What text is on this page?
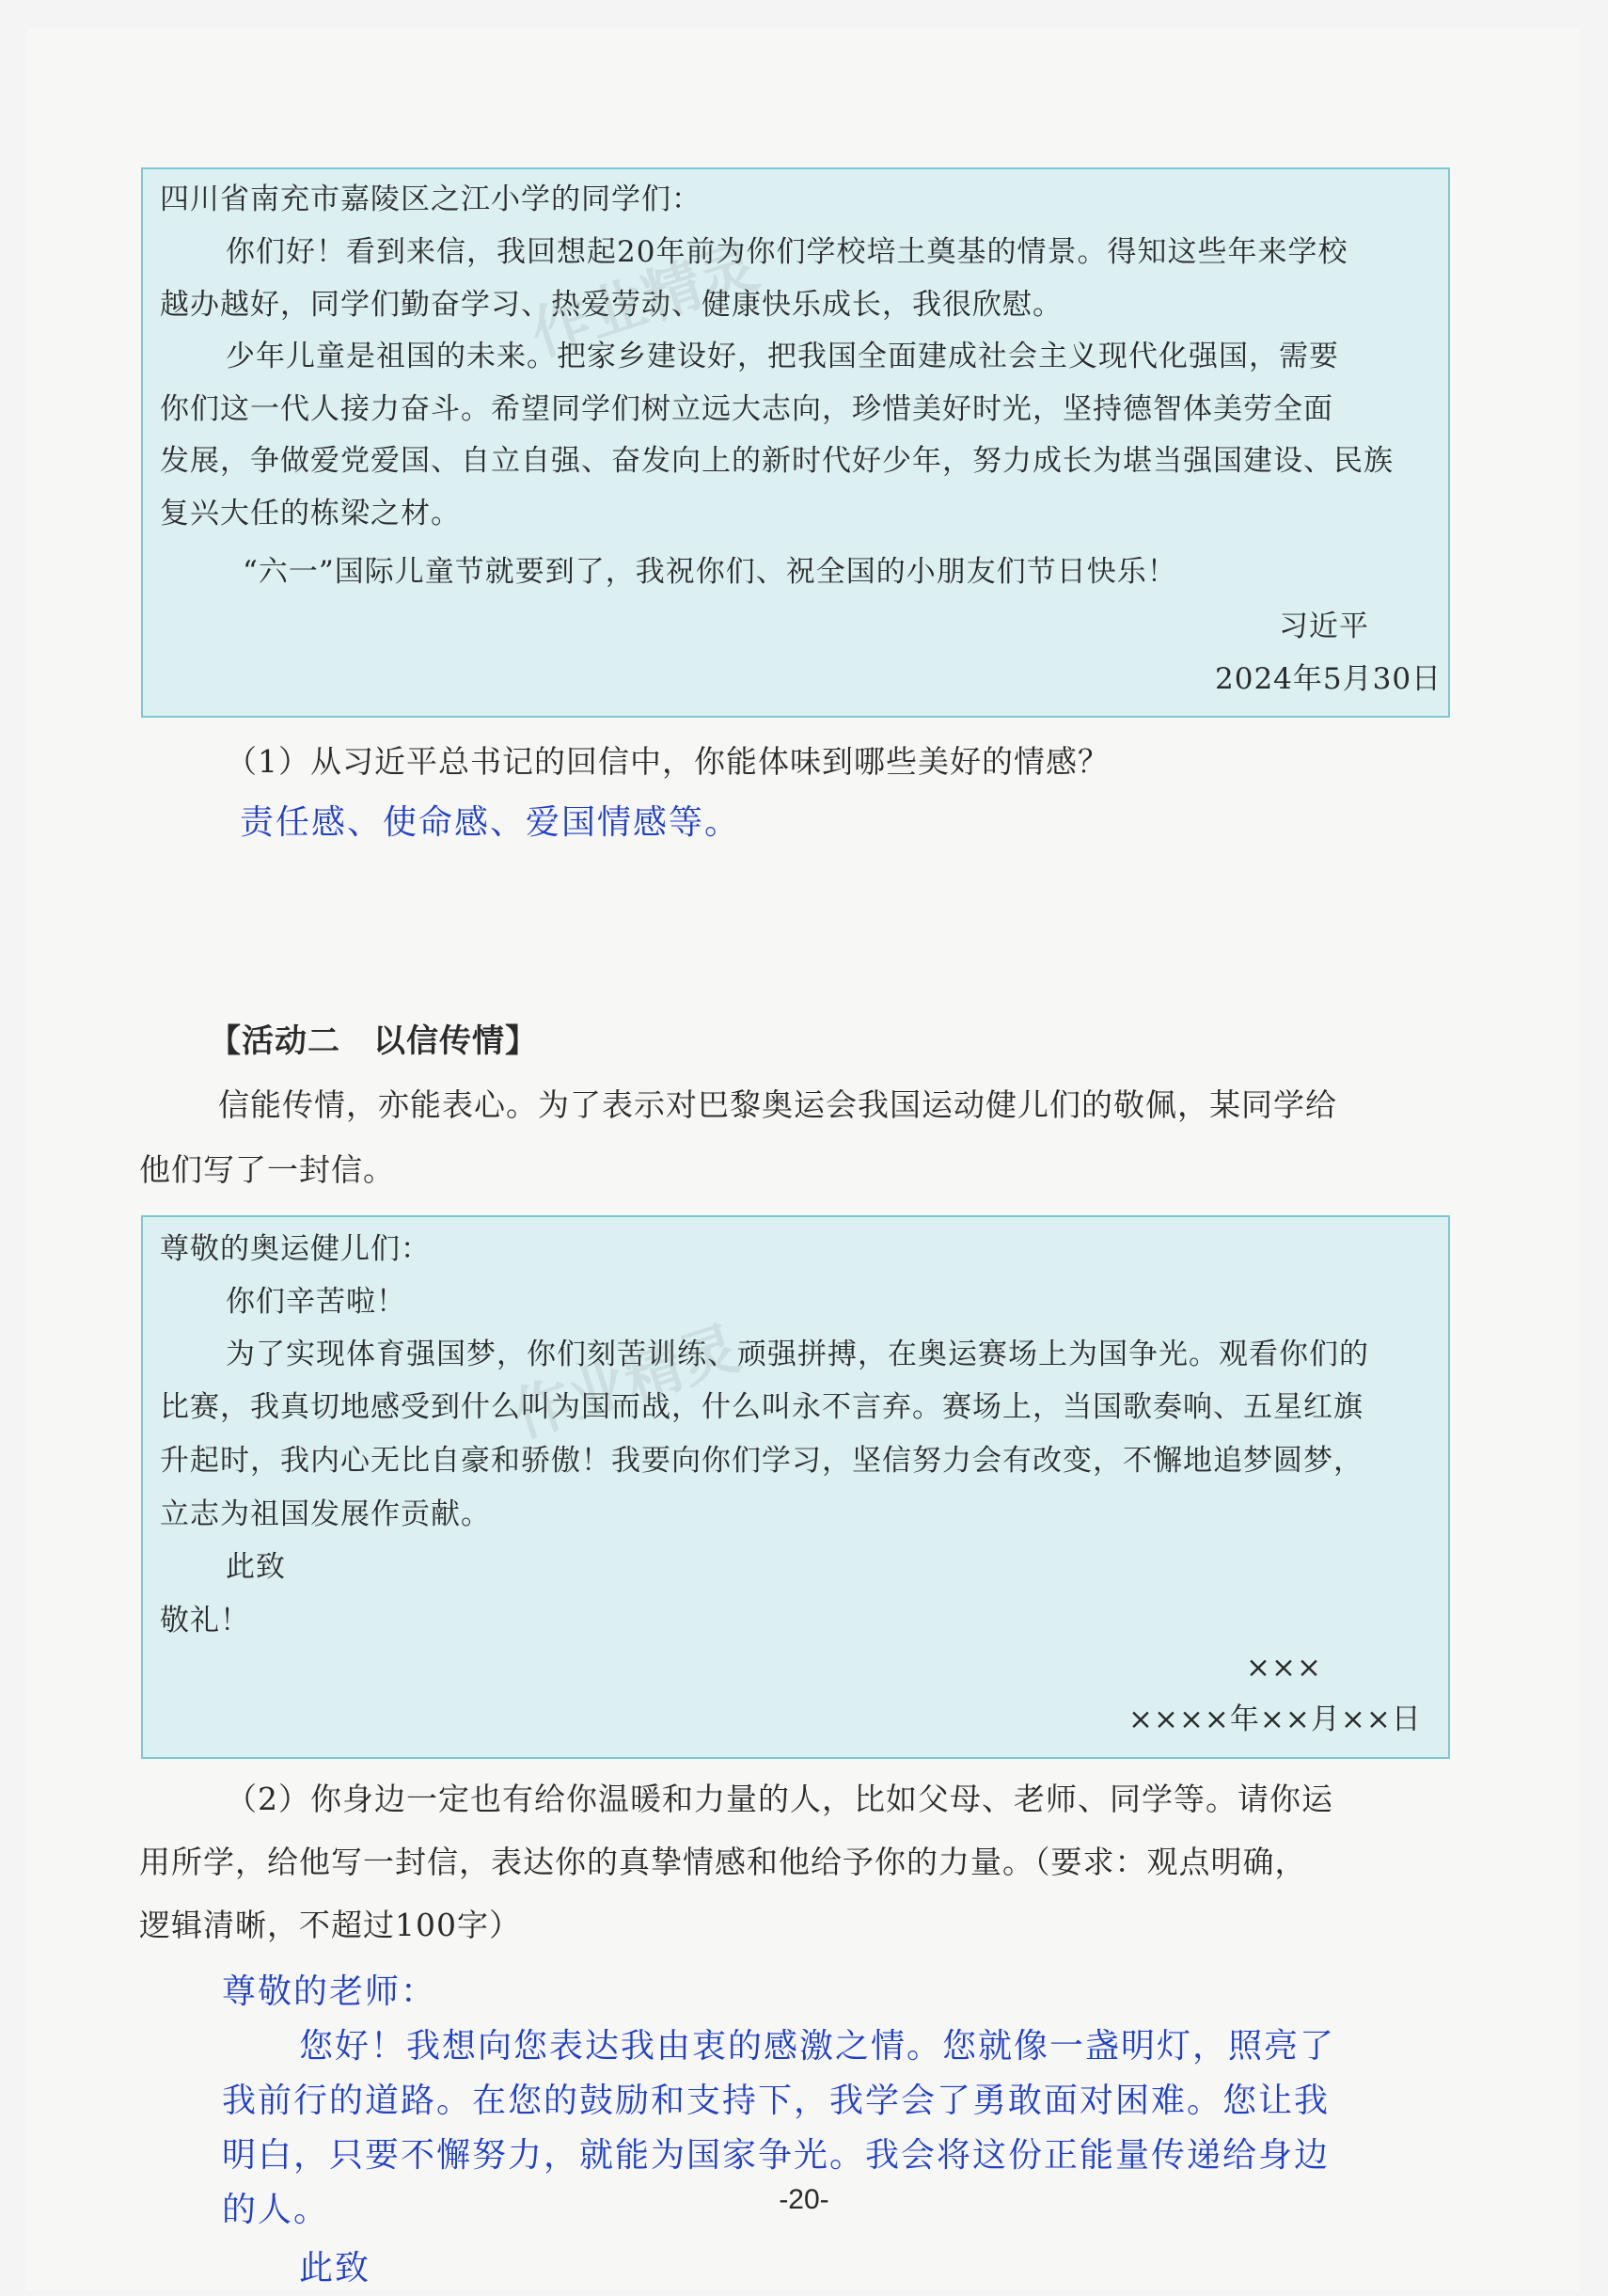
四川省南充市嘉陵区之江小学的同学们：
你们好！看到来信，我回想起20年前为你们学校培土奠基的情景。得知这些年来学校
越办越好，同学们勤奋学习、热爱劳动、健康快乐成长，我很欣慰。
少年儿童是祖国的未来。把家乡建设好，把我国全面建成社会主义现代化强国，需要
你们这一代人接力奋斗。希望同学们树立远大志向，珍惜美好时光，坚持德智体美劳全面
发展，争做爱党爱国、自立自强、奋发向上的新时代好少年，努力成长为堪当强国建设、民族
复兴大任的栋梁之材。
“六一”国际儿童节就要到了，我祝你们、祝全国的小朋友们节日快乐！
习近平
2024年5月30日
（1）从习近平总书记的回信中，你能体味到哪些美好的情感？
责任感、使命感、爱国情感等。
【活动二　以信传情】
信能传情，亦能表心。为了表示对巴黎奥运会我国运动健儿们的敬佩，某同学给
他们写了一封信。
尊敬的奥运健儿们：
你们辛苦啦！
为了实现体育强国梦，你们刻苦训练、顽强拼搏，在奥运赛场上为国争光。观看你们的
比赛，我真切地感受到什么叫为国而战，什么叫永不言弃。赛场上，当国歌奏响、五星红旗
升起时，我内心无比自豪和骄傲！我要向你们学习，坚信努力会有改变，不懈地追梦圆梦，
立志为祖国发展作贡献。
此致
敬礼！
×××
××××年××月××日
（2）你身边一定也有给你温暖和力量的人，比如父母、老师、同学等。请你运
用所学，给他写一封信，表达你的真挚情感和他给予你的力量。（要求：观点明确，
逻辑清晰，不超过100字）
尊敬的老师：
您好！我想向您表达我由衷的感激之情。您就像一盏明灯，照亮了
我前行的道路。在您的鼓励和支持下，我学会了勇敢面对困难。您让我
明白，只要不懈努力，就能为国家争光。我会将这份正能量传递给身边
的人。
此致
-20-
